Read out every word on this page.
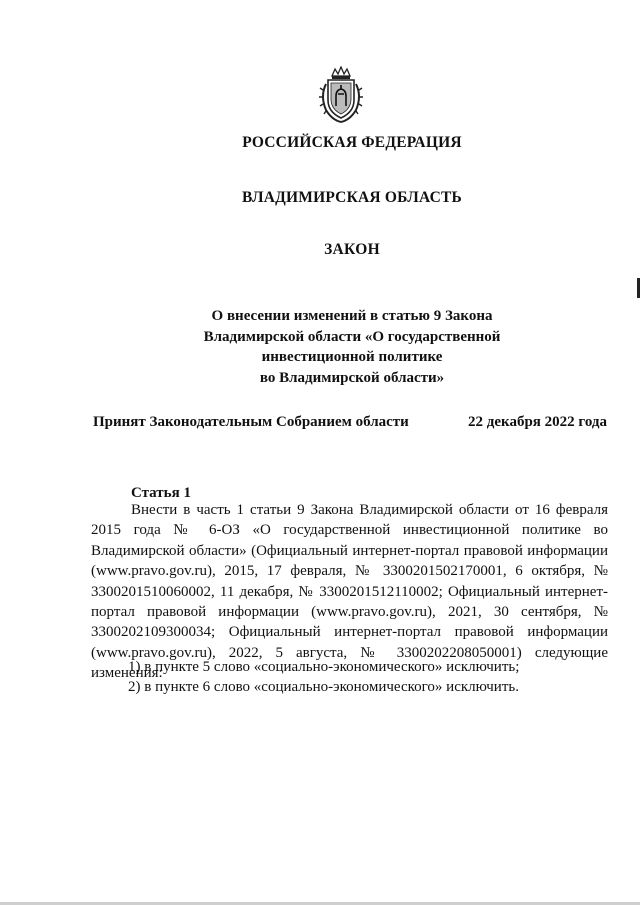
РОССИЙСКАЯ ФЕДЕРАЦИЯ
ВЛАДИМИРСКАЯ ОБЛАСТЬ
ЗАКОН
О внесении изменений в статью 9 Закона
Владимирской области «О государственной
инвестиционной политике
во Владимирской области»
Принят Законодательным Собранием области	22 декабря 2022 года
Статья 1

Внести в часть 1 статьи 9 Закона Владимирской области от 16 февраля 2015 года № 6-ОЗ «О государственной инвестиционной политике во Владимирской области» (Официальный интернет-портал правовой информации (www.pravo.gov.ru), 2015, 17 февраля, № 3300201502170001, 6 октября, № 3300201510060002, 11 декабря, № 3300201512110002; Официальный интернет-портал правовой информации (www.pravo.gov.ru), 2021, 30 сентября, № 3300202109300034; Официальный интернет-портал правовой информации (www.pravo.gov.ru), 2022, 5 августа, № 3300202208050001) следующие изменения:

1) в пункте 5 слово «социально-экономического» исключить;
2) в пункте 6 слово «социально-экономического» исключить.
